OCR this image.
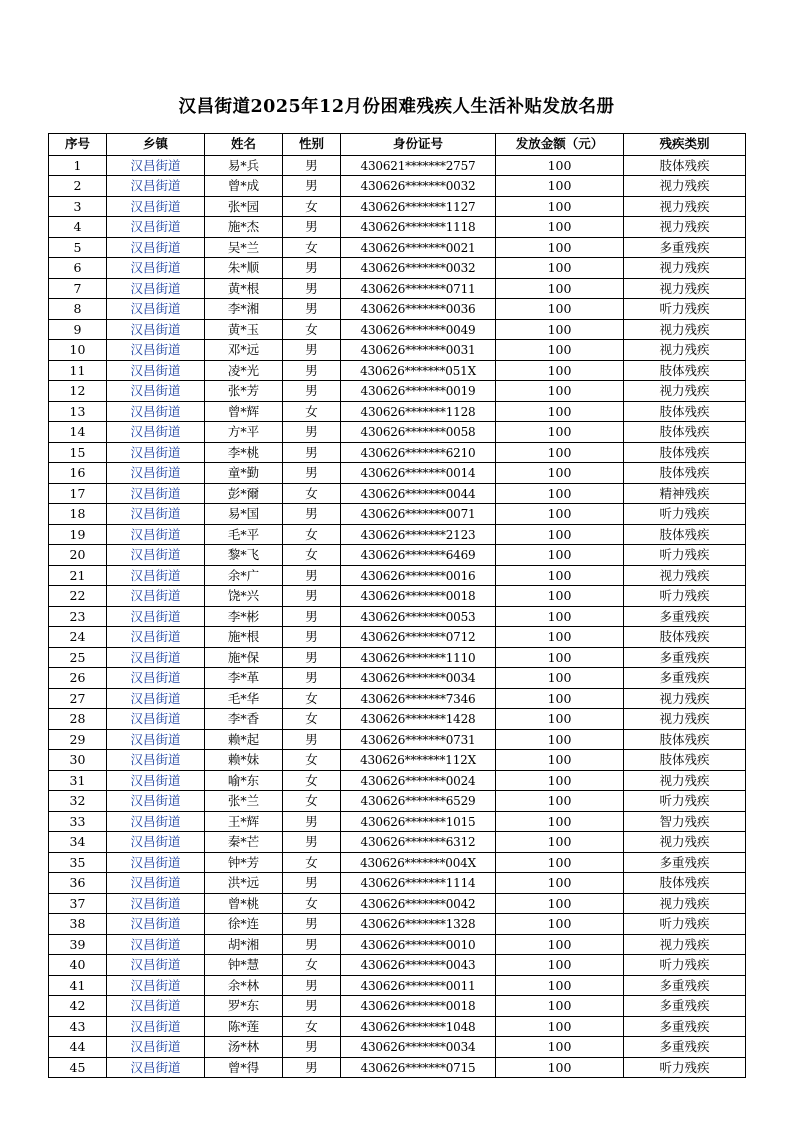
汉昌街道2025年12月份困难残疾人生活补贴发放名册
序号	乡镇	姓名	性别	身份证号	发放金额（元）	残疾类别
1	汉昌街道	易*兵	男	430621*******2757	100	肢体残疾
2	汉昌街道	曾*成	男	430626*******0032	100	视力残疾
3	汉昌街道	张*园	女	430626*******1127	100	视力残疾
4	汉昌街道	施*杰	男	430626*******1118	100	视力残疾
5	汉昌街道	吴*兰	女	430626*******0021	100	多重残疾
6	汉昌街道	朱*顺	男	430626*******0032	100	视力残疾
7	汉昌街道	黄*根	男	430626*******0711	100	视力残疾
8	汉昌街道	李*湘	男	430626*******0036	100	听力残疾
9	汉昌街道	黄*玉	女	430626*******0049	100	视力残疾
10	汉昌街道	邓*远	男	430626*******0031	100	视力残疾
11	汉昌街道	凌*光	男	430626*******051X	100	肢体残疾
12	汉昌街道	张*芳	男	430626*******0019	100	视力残疾
13	汉昌街道	曾*辉	女	430626*******1128	100	肢体残疾
14	汉昌街道	方*平	男	430626*******0058	100	肢体残疾
15	汉昌街道	李*桃	男	430626*******6210	100	肢体残疾
16	汉昌街道	童*勤	男	430626*******0014	100	肢体残疾
17	汉昌街道	彭*爾	女	430626*******0044	100	精神残疾
18	汉昌街道	易*国	男	430626*******0071	100	听力残疾
19	汉昌街道	毛*平	女	430626*******2123	100	肢体残疾
20	汉昌街道	黎*飞	女	430626*******6469	100	听力残疾
21	汉昌街道	余*广	男	430626*******0016	100	视力残疾
22	汉昌街道	饶*兴	男	430626*******0018	100	听力残疾
23	汉昌街道	李*彬	男	430626*******0053	100	多重残疾
24	汉昌街道	施*根	男	430626*******0712	100	肢体残疾
25	汉昌街道	施*保	男	430626*******1110	100	多重残疾
26	汉昌街道	李*革	男	430626*******0034	100	多重残疾
27	汉昌街道	毛*华	女	430626*******7346	100	视力残疾
28	汉昌街道	李*香	女	430626*******1428	100	视力残疾
29	汉昌街道	赖*起	男	430626*******0731	100	肢体残疾
30	汉昌街道	赖*妹	女	430626*******112X	100	肢体残疾
31	汉昌街道	喻*东	女	430626*******0024	100	视力残疾
32	汉昌街道	张*兰	女	430626*******6529	100	听力残疾
33	汉昌街道	王*辉	男	430626*******1015	100	智力残疾
34	汉昌街道	秦*芒	男	430626*******6312	100	视力残疾
35	汉昌街道	钟*芳	女	430626*******004X	100	多重残疾
36	汉昌街道	洪*远	男	430626*******1114	100	肢体残疾
37	汉昌街道	曾*桃	女	430626*******0042	100	视力残疾
38	汉昌街道	徐*连	男	430626*******1328	100	听力残疾
39	汉昌街道	胡*湘	男	430626*******0010	100	视力残疾
40	汉昌街道	钟*慧	女	430626*******0043	100	听力残疾
41	汉昌街道	余*林	男	430626*******0011	100	多重残疾
42	汉昌街道	罗*东	男	430626*******0018	100	多重残疾
43	汉昌街道	陈*莲	女	430626*******1048	100	多重残疾
44	汉昌街道	汤*林	男	430626*******0034	100	多重残疾
45	汉昌街道	曾*得	男	430626*******0715	100	听力残疾
